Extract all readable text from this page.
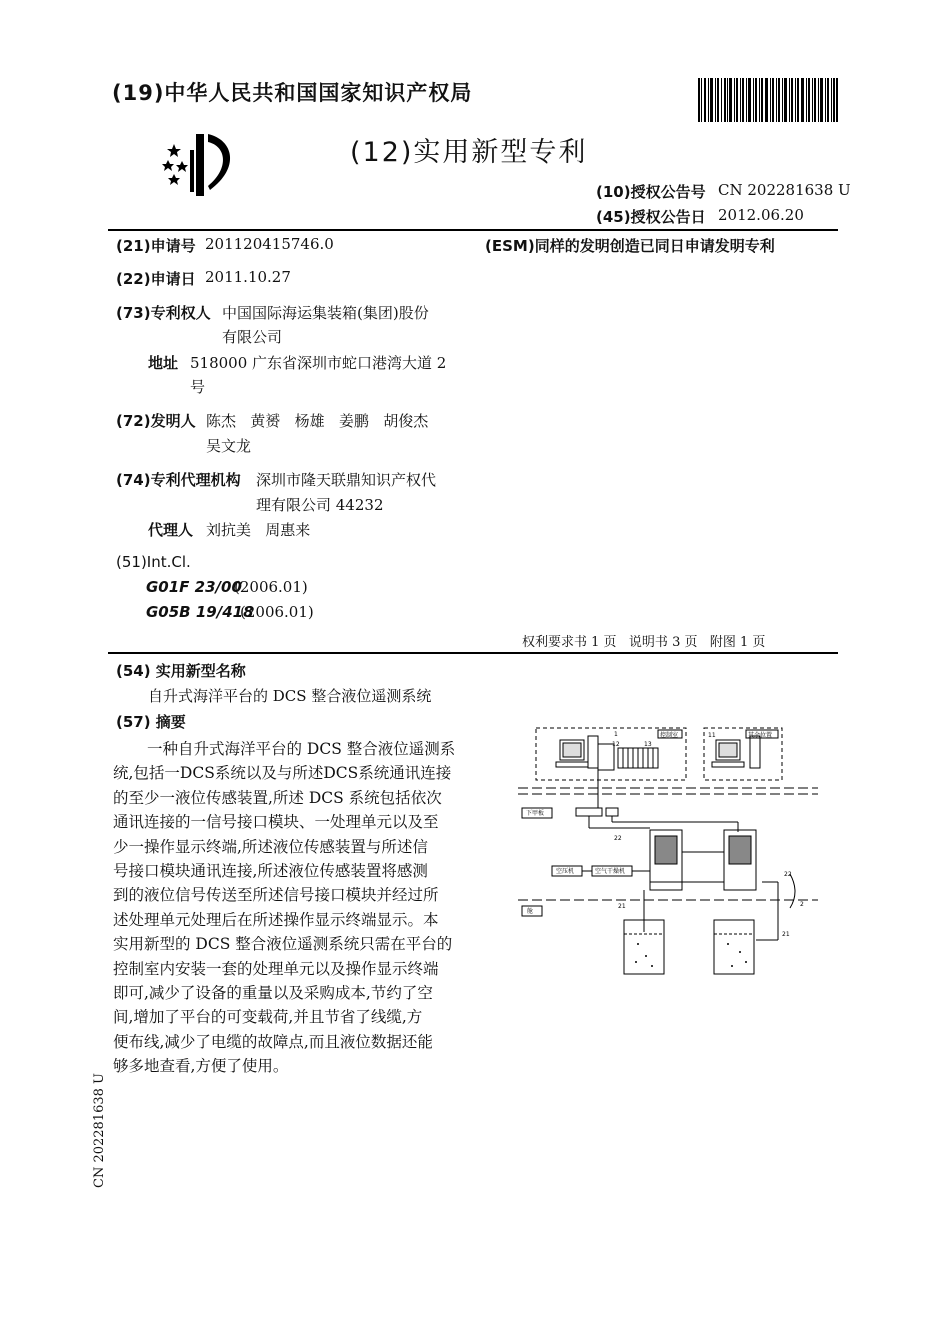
(19)中华人民共和国国家知识产权局
(12)实用新型专利
(10)授权公告号 CN 202281638 U
(45)授权公告日 2012.06.20
(21)申请号 201120415746.0	(ESM)同样的发明创造已同日申请发明专利
(22)申请日 2011.10.27
(73)专利权人 中国国际海运集装箱(集团)股份
有限公司
地址 518000 广东省深圳市蛇口港湾大道 2
号
(72)发明人 陈杰   黄赟   杨雄   姜鹏   胡俊杰
吴文龙
(74)专利代理机构 深圳市隆天联鼎知识产权代
理有限公司 44232
代理人 刘抗美   周惠来
(51)Int.Cl.
G01F 23/00
(2006.01)
G05B 19/418
(2006.01)
权利要求书 1 页   说明书 3 页   附图 1 页
(54) 实用新型名称
自升式海洋平台的 DCS 整合液位遥测系统
(57) 摘要
一种自升式海洋平台的 DCS 整合液位遥测系
统,包括一DCS系统以及与所述DCS系统通讯连接
的至少一液位传感装置,所述 DCS 系统包括依次
通讯连接的一信号接口模块、一处理单元以及至
少一操作显示终端,所述液位传感装置与所述信
号接口模块通讯连接,所述液位传感装置将感测
到的液位信号传送至所述信号接口模块并经过所
述处理单元处理后在所述操作显示终端显示。本
实用新型的 DCS 整合液位遥测系统只需在平台的
控制室内安装一套的处理单元以及操作显示终端
即可,减少了设备的重量以及采购成本,节约了空
间,增加了平台的可变载荷,并且节省了线缆,方
便布线,减少了电缆的故障点,而且液位数据还能
够多地查看,方便了使用。
控制室
1
12	13
其余位置
11
下甲板
22
空压机	空气干燥机
舱
21
21
22
2
CN 202281638 U
